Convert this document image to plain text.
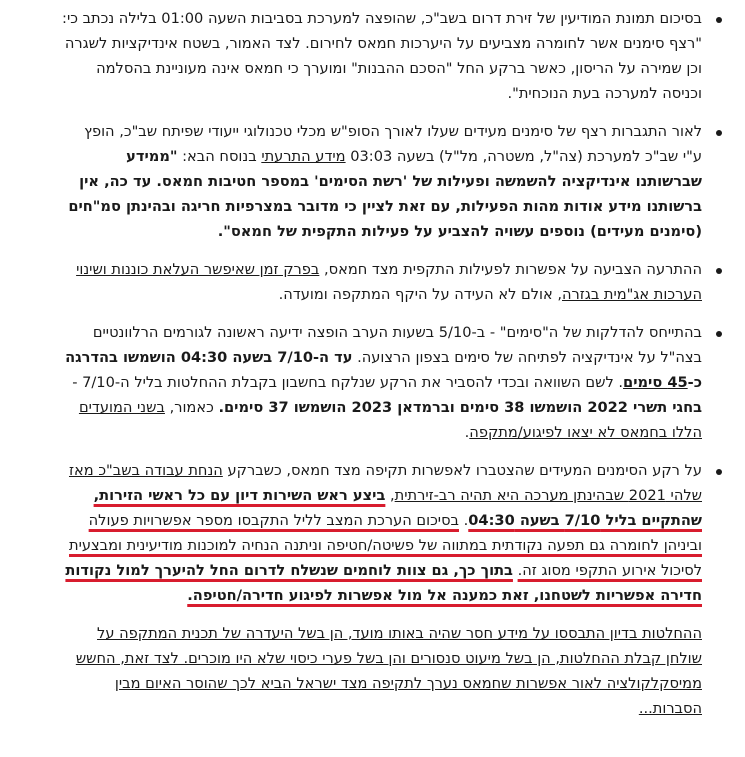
בסיכום תמונת המודיעין של זירת דרום בשב"כ, שהופצה למערכת בסביבות השעה 01:00 בלילה נכתב כי: "רצף סימנים אשר לחומרה מצביעים על היערכות חמאס לחירום. לצד האמור, בשטח אינדיקציות לשגרה וכן שמירה על הריסון, כאשר ברקע החל "הסכם ההבנות" ומוערך כי חמאס אינה מעוניינת בהסלמה וכניסה למערכה בעת הנוכחית".

לאור התגברות רצף של סימנים מעידים שעלו לאורך הסופ"ש מכלי טכנולוגי ייעודי שפיתח שב"כ, הופץ ע"י שב"כ למערכת (צה"ל, משטרה, מל"ל) בשעה 03:03 מידע התרעתי בנוסח הבא: "ממידע שברשותנו אינדיקציה להשמשה ופעילות של 'רשת הסימים' במספר חטיבות חמאס. עד כה, אין ברשותנו מידע אודות מהות הפעילות, עם זאת לציין כי מדובר במצרפיות חריגה ובהינתן סמ"חים (סימנים מעידים) נוספים עשויה להצביע על פעילות התקפית של חמאס".

ההתרעה הצביעה על אפשרות לפעילות התקפית מצד חמאס, בפרק זמן שאיפשר העלאת כוננות ושינוי הערכות אג"מית בגזרה, אולם לא העידה על היקף המתקפה ומועדה.

בהתייחס להדלקות של ה"סימים" - ב-5/10 בשעות הערב הופצה ידיעה ראשונה לגורמים הרלוונטיים בצה"ל על אינדיקציה לפתיחה של סימים בצפון הרצועה. עד ה-7/10 בשעה 04:30 הושמשו בהדרגה כ-45 סימים. לשם השוואה ובכדי להסביר את הרקע שנלקח בחשבון בקבלת ההחלטות בליל ה-7/10 - בחגי תשרי 2022 הושמשו 38 סימים וברמדאן 2023 הושמשו 37 סימים. כאמור, בשני המועדים הללו בחמאס לא יצאו לפיגוע/מתקפה.

על רקע הסימנים המעידים שהצטברו לאפשרות תקיפה מצד חמאס, כשברקע הנחת עבודה בשב"כ מאז שלהי 2021 שבהינתן מערכה היא תהיה רב-זירתית, ביצע ראש השירות דיון עם כל ראשי הזירות, שהתקיים בליל 7/10 בשעה 04:30. בסיכום הערכת המצב לליל התקבסו מספר אפשרויות פעולה וביניהן לחומרה גם תפעה נקודתית במתווה של פשיטה/חטיפה וניתנה הנחיה למוכנות מודיעינית ומבצעית לסיכול אירוע התקפי מסוג זה. בתוך כך, גם צוות לוחמים שנשלח לדרום החל להיערך למול נקודות חדירה אפשריות לשטחנו, זאת כמענה אל מול אפשרות לפיגוע חדירה/חטיפה.

ההחלטות בדיון התבססו על מידע חסר שהיה באותו מועד, הן בשל היעדרה של תכנית המתקפה על שולחן קבלת ההחלטות, הן בשל מיעוט סנסורים והן בשל פערי כיסוי שלא היו מוכרים. לצד זאת, החשש ממיסקלקולציה לאור אפשרות שחמאס נערך לתקיפה מצד ישראל הביא לכך שהוסר האיום מבין הסברות...
